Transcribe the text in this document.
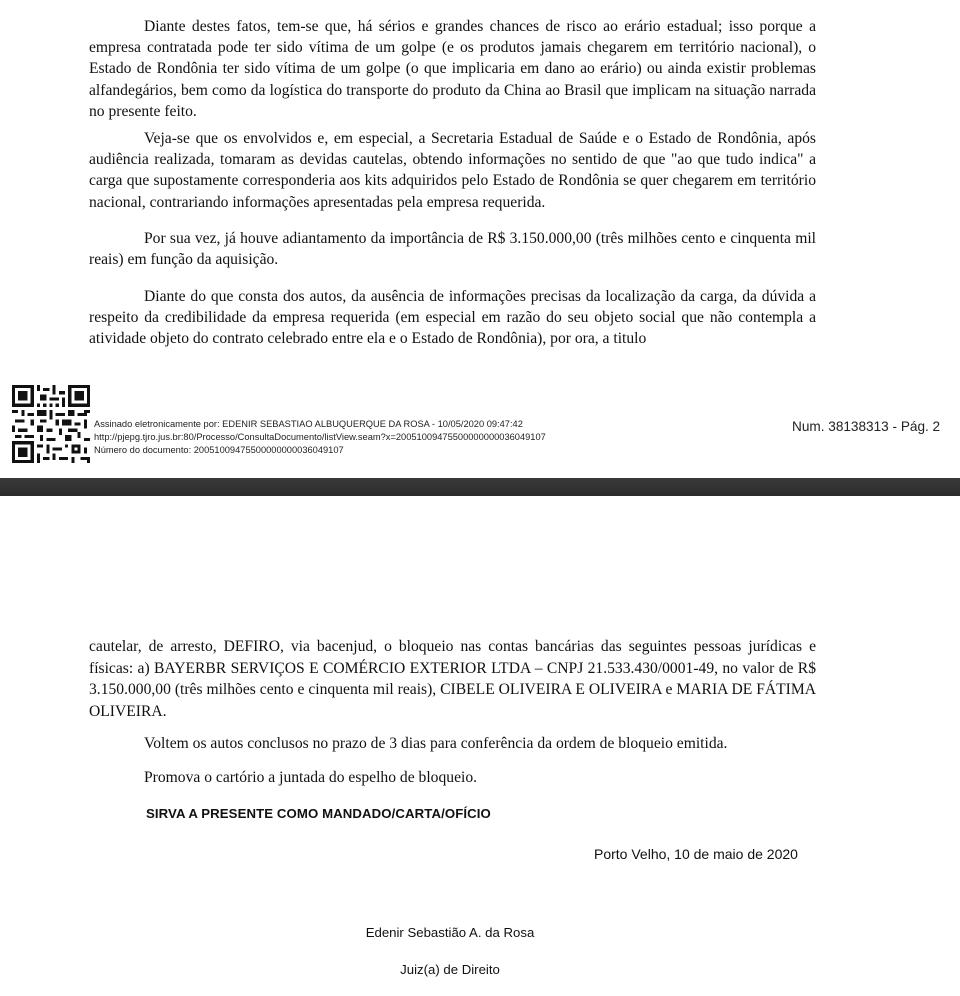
Diante destes fatos, tem-se que, há sérios e grandes chances de risco ao erário estadual; isso porque a empresa contratada pode ter sido vítima de um golpe (e os produtos jamais chegarem em território nacional), o Estado de Rondônia ter sido vítima de um golpe (o que implicaria em dano ao erário) ou ainda existir problemas alfandegários, bem como da logística do transporte do produto da China ao Brasil que implicam na situação narrada no presente feito.

Veja-se que os envolvidos e, em especial, a Secretaria Estadual de Saúde e o Estado de Rondônia, após audiência realizada, tomaram as devidas cautelas, obtendo informações no sentido de que "ao que tudo indica" a carga que supostamente corresponderia aos kits adquiridos pelo Estado de Rondônia se quer chegarem em território nacional, contrariando informações apresentadas pela empresa requerida.

Por sua vez, já houve adiantamento da importância de R$ 3.150.000,00 (três milhões cento e cinquenta mil reais) em função da aquisição.

Diante do que consta dos autos, da ausência de informações precisas da localização da carga, da dúvida a respeito da credibilidade da empresa requerida (em especial em razão do seu objeto social que não contempla a atividade objeto do contrato celebrado entre ela e o Estado de Rondônia), por ora, a titulo

Assinado eletronicamente por: EDENIR SEBASTIAO ALBUQUERQUE DA ROSA - 10/05/2020 09:47:42
http://pjepg.tjro.jus.br:80/Processo/ConsultaDocumento/listView.seam?x=20051009475500000000036049107
Número do documento: 20051009475500000000036049107
Num. 38138313 - Pág. 2

cautelar, de arresto, DEFIRO, via bacenjud, o bloqueio nas contas bancárias das seguintes pessoas jurídicas e físicas: a) BAYERBR SERVIÇOS E COMÉRCIO EXTERIOR LTDA – CNPJ 21.533.430/0001-49, no valor de R$ 3.150.000,00 (três milhões cento e cinquenta mil reais), CIBELE OLIVEIRA E OLIVEIRA e MARIA DE FÁTIMA OLIVEIRA.

Voltem os autos conclusos no prazo de 3 dias para conferência da ordem de bloqueio emitida.

Promova o cartório a juntada do espelho de bloqueio.

SIRVA A PRESENTE COMO MANDADO/CARTA/OFÍCIO
Porto Velho, 10 de maio de 2020
Edenir Sebastião A. da Rosa
Juiz(a) de Direito
